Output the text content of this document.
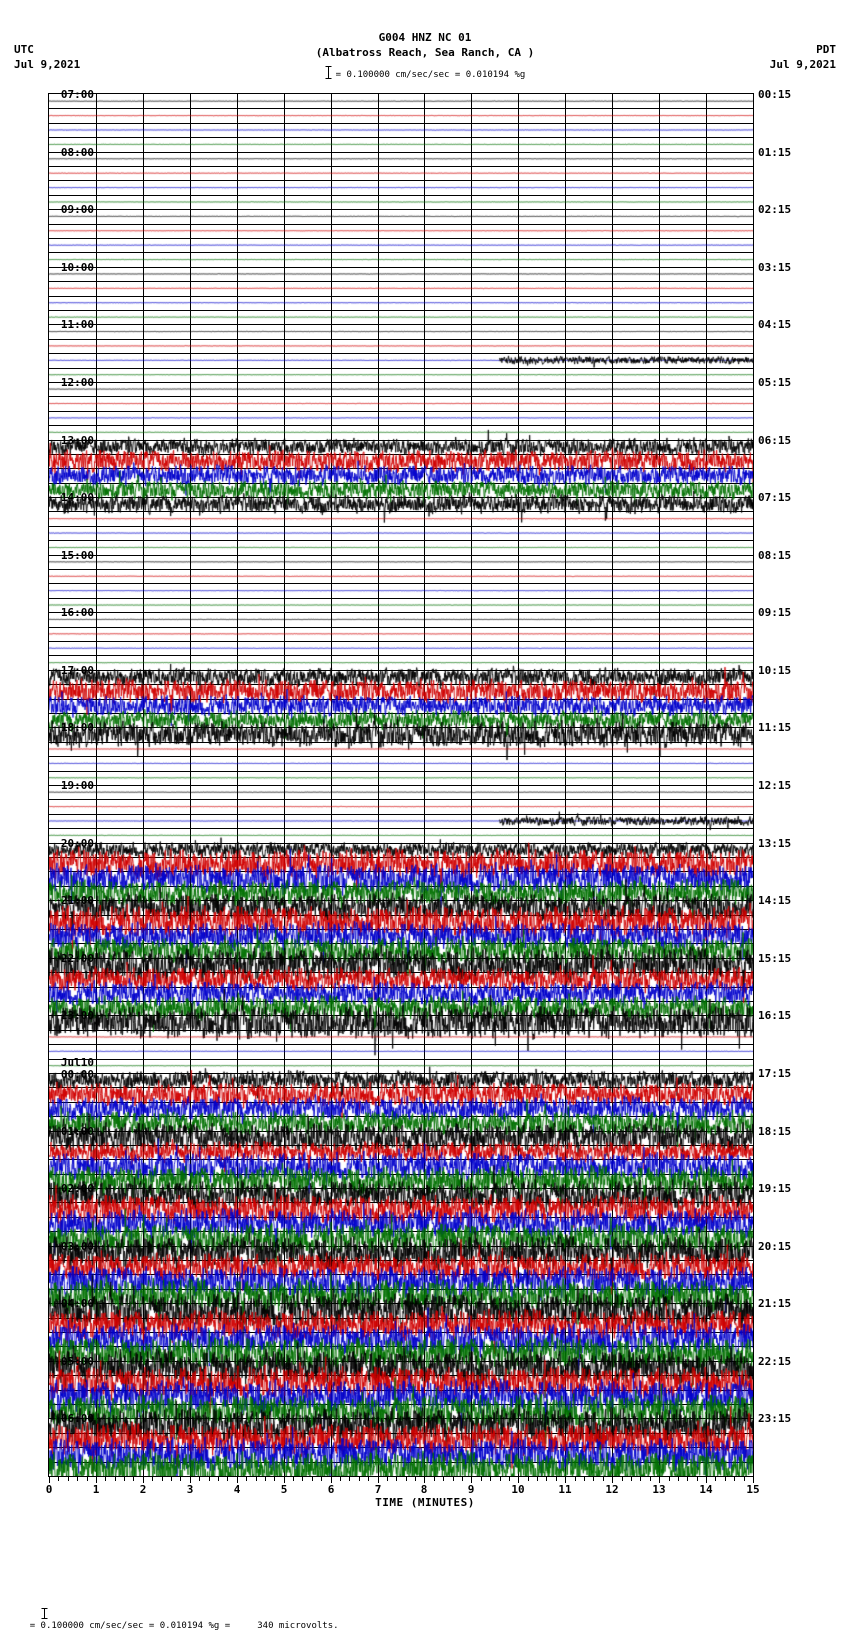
UTC
Jul 9,2021
PDT
Jul 9,2021
G004 HNZ NC 01
(Albatross Reach, Sea Ranch, CA )
= 0.100000 cm/sec/sec = 0.010194 %g
0	1	2	3	4	5	6	7	8	9	10	11	12	13	14	15
TIME (MINUTES)

= 0.100000 cm/sec/sec = 0.010194 %g =     340 microvolts.

07:00	00:15
08:00	01:15
09:00	02:15
10:00	03:15
11:00	04:15
12:00	05:15
13:00	06:15
14:00	07:15
15:00	08:15
16:00	09:15
17:00	10:15
18:00	11:15
19:00	12:15
20:00	13:15
21:00	14:15
22:00	15:15
23:00	16:15
Jul10
00:00	17:15
01:00	18:15
02:00	19:15
03:00	20:15
04:00	21:15
05:00	22:15
06:00	23:15
